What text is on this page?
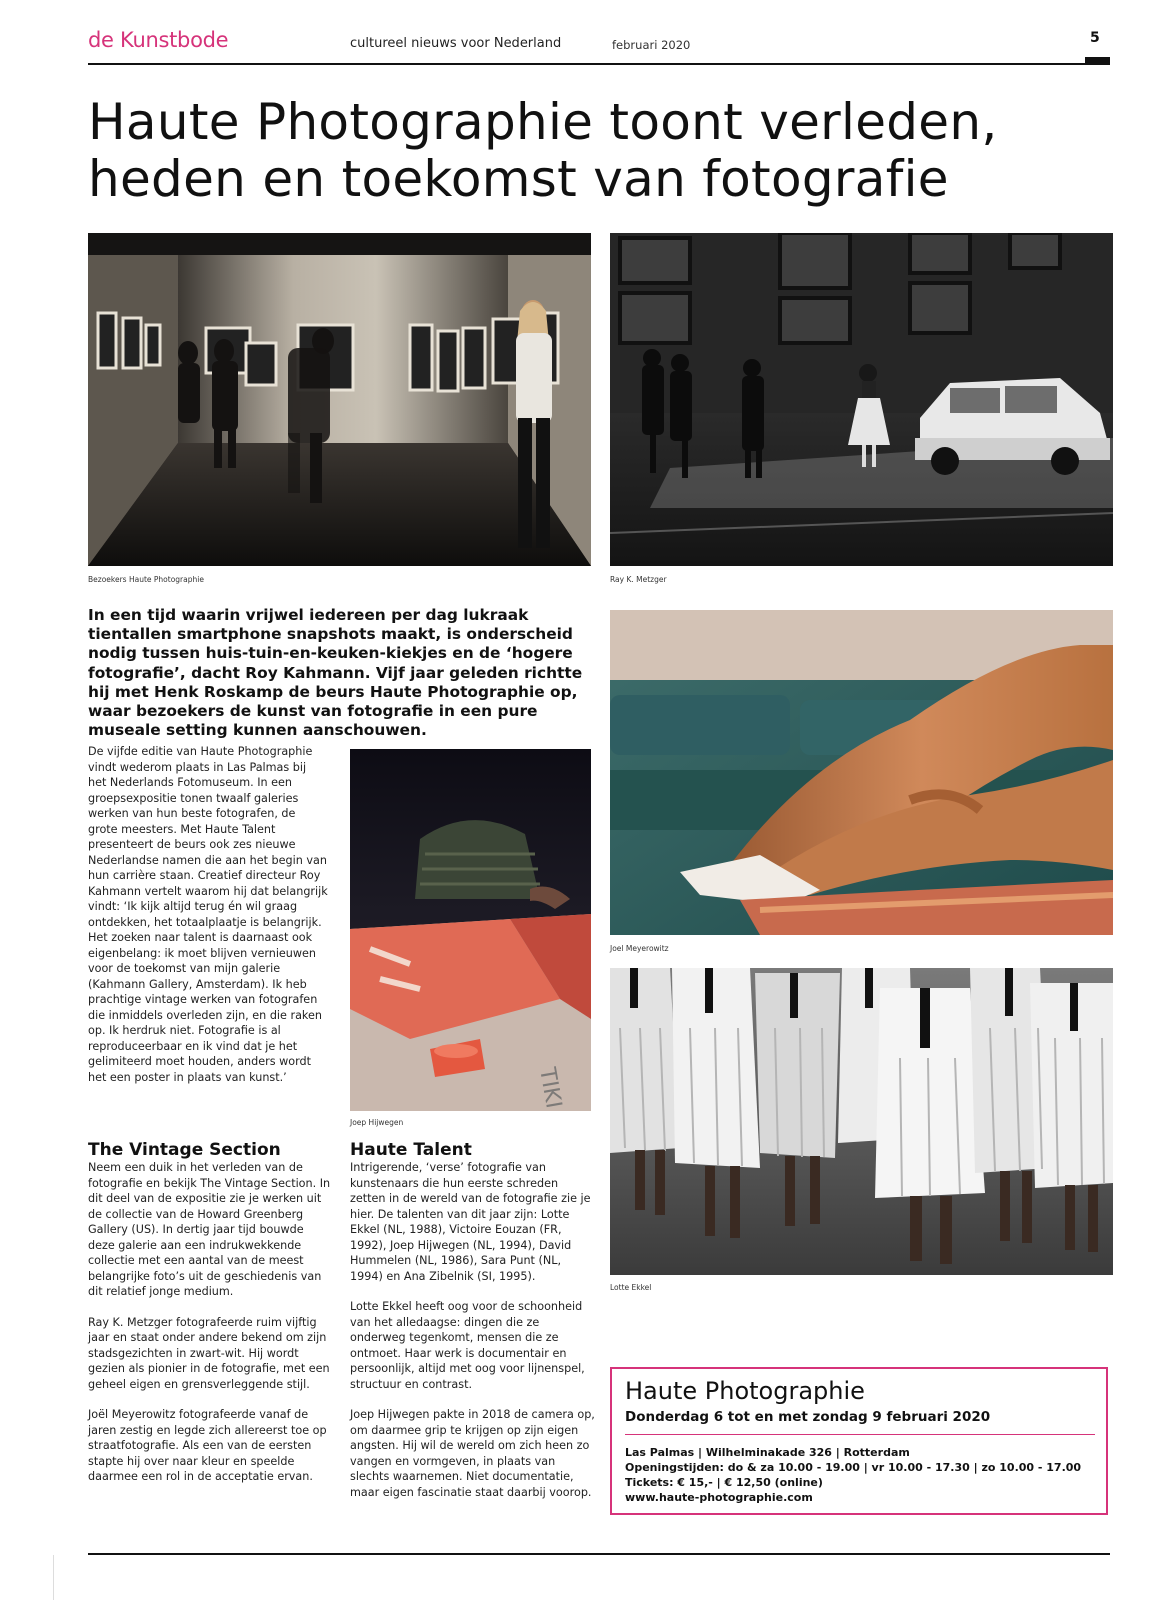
de Kunstbode	cultureel nieuws voor Nederland	februari 2020	5
Haute Photographie toont verleden, heden en toekomst van fotografie
Bezoekers Haute Photographie	Ray K. Metzger
In een tijd waarin vrijwel iedereen per dag lukraak tientallen smartphone snapshots maakt, is onderscheid nodig tussen huis-tuin-en-keuken-kiekjes en de ‘hogere fotografie’, dacht Roy Kahmann. Vijf jaar geleden richtte hij met Henk Roskamp de beurs Haute Photographie op, waar bezoekers de kunst van fotografie in een pure museale setting kunnen aanschouwen.
Joel Meyerowitz

De vijfde editie van Haute Photographie vindt wederom plaats in Las Palmas bij het Nederlands Fotomuseum. In een groepsexpositie tonen twaalf galeries werken van hun beste fotografen, de grote meesters. Met Haute Talent presenteert de beurs ook zes nieuwe Nederlandse namen die aan het begin van hun carrière staan. Creatief directeur Roy Kahmann vertelt waarom hij dat belangrijk vindt: ‘Ik kijk altijd terug én wil graag ontdekken, het totaalplaatje is belangrijk. Het zoeken naar talent is daarnaast ook eigenbelang: ik moet blijven vernieuwen voor de toekomst van mijn galerie (Kahmann Gallery, Amsterdam). Ik heb prachtige vintage werken van fotografen die inmiddels overleden zijn, en die raken op. Ik herdruk niet. Fotografie is al reproduceerbaar en ik vind dat je het gelimiteerd moet houden, anders wordt het een poster in plaats van kunst.’	TIKI
Joep Hijwegen
The Vintage Section

Neem een duik in het verleden van de fotografie en bekijk The Vintage Section. In dit deel van de expositie zie je werken uit de collectie van de Howard Greenberg Gallery (US). In dertig jaar tijd bouwde deze galerie aan een indrukwekkende collectie met een aantal van de meest belangrijke foto’s uit de geschiedenis van dit relatief jonge medium.

Ray K. Metzger fotografeerde ruim vijftig jaar en staat onder andere bekend om zijn stadsgezichten in zwart-wit. Hij wordt gezien als pionier in de fotografie, met een geheel eigen en grensverleggende stijl.

Joël Meyerowitz fotografeerde vanaf de jaren zestig en legde zich allereerst toe op straatfotografie. Als een van de eersten stapte hij over naar kleur en speelde daarmee een rol in de acceptatie ervan.

Haute Talent

Intrigerende, ‘verse’ fotografie van kunstenaars die hun eerste schreden zetten in de wereld van de fotografie zie je hier. De talenten van dit jaar zijn: Lotte Ekkel (NL, 1988), Victoire Eouzan (FR, 1992), Joep Hijwegen (NL, 1994), David Hummelen (NL, 1986), Sara Punt (NL, 1994) en Ana Zibelnik (SI, 1995).

Lotte Ekkel heeft oog voor de schoonheid van het alledaagse: dingen die ze onderweg tegenkomt, mensen die ze ontmoet. Haar werk is documentair en persoonlijk, altijd met oog voor lijnenspel, structuur en contrast.

Joep Hijwegen pakte in 2018 de camera op, om daarmee grip te krijgen op zijn eigen angsten. Hij wil de wereld om zich heen zo vangen en vormgeven, in plaats van slechts waarnemen. Niet documentatie, maar eigen fascinatie staat daarbij voorop.

Lotte Ekkel
Haute Photographie
Donderdag 6 tot en met zondag 9 februari 2020
Las Palmas | Wilhelminakade 326 | Rotterdam
Openingstijden: do & za 10.00 - 19.00 | vr 10.00 - 17.30 | zo 10.00 - 17.00
Tickets: € 15,- | € 12,50 (online)
www.haute-photographie.com
